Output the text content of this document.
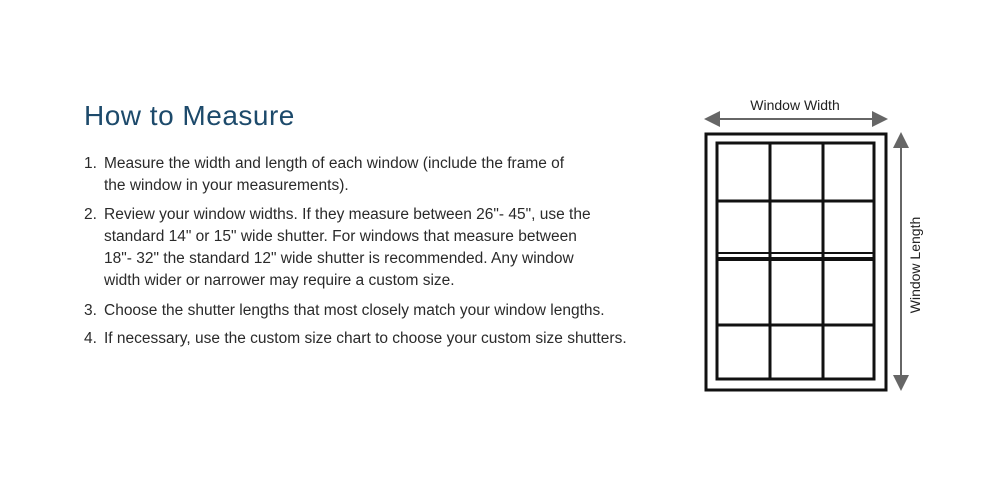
How to Measure
1. Measure the width and length of each window (include the frame of
the window in your measurements).
2. Review your window widths. If they measure between 26"- 45", use the
standard 14" or 15" wide shutter. For windows that measure between
18"- 32" the standard 12" wide shutter is recommended. Any window
width wider or narrower may require a custom size.
3. Choose the shutter lengths that most closely match your window lengths.
4. If necessary, use the custom size chart to choose your custom size shutters.
Window Width
Window Length
